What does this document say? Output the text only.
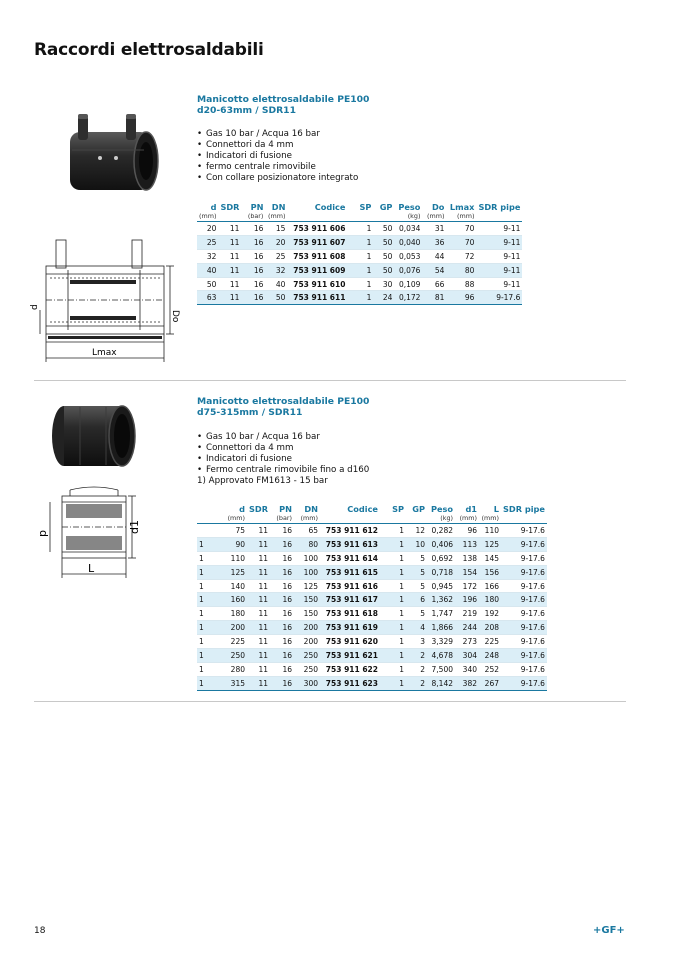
Raccordi elettrosaldabili
Manicotto elettrosaldabile PE100
d20-63mm / SDR11
• Gas 10 bar / Acqua 16 bar
• Connettori da 4 mm
• Indicatori di fusione
• fermo centrale rimovibile
• Con collare posizionatore integrato
d
Do
Lmax
d	SDR	PN	DN	Codice	SP	GP	Peso	Do	Lmax	SDR pipe
(mm)		(bar)	(mm)				(kg)	(mm)	(mm)	
20	11	16	15	753 911 606	1	50	0,034	31	70	9-11
25	11	16	20	753 911 607	1	50	0,040	36	70	9-11
32	11	16	25	753 911 608	1	50	0,053	44	72	9-11
40	11	16	32	753 911 609	1	50	0,076	54	80	9-11
50	11	16	40	753 911 610	1	30	0,109	66	88	9-11
63	11	16	50	753 911 611	1	24	0,172	81	96	9-17.6
Manicotto elettrosaldabile PE100
d75-315mm / SDR11
• Gas 10 bar / Acqua 16 bar
• Connettori da 4 mm
• Indicatori di fusione
• Fermo centrale rimovibile fino a d160
1) Approvato FM1613 - 15 bar
d	d1
L
	d	SDR	PN	DN	Codice	SP	GP	Peso	d1	L	SDR pipe
	(mm)		(bar)	(mm)				(kg)	(mm)	(mm)	
	75	11	16	65	753 911 612	1	12	0,282	96	110	9-17.6
1	90	11	16	80	753 911 613	1	10	0,406	113	125	9-17.6
1	110	11	16	100	753 911 614	1	5	0,692	138	145	9-17.6
1	125	11	16	100	753 911 615	1	5	0,718	154	156	9-17.6
1	140	11	16	125	753 911 616	1	5	0,945	172	166	9-17.6
1	160	11	16	150	753 911 617	1	6	1,362	196	180	9-17.6
1	180	11	16	150	753 911 618	1	5	1,747	219	192	9-17.6
1	200	11	16	200	753 911 619	1	4	1,866	244	208	9-17.6
1	225	11	16	200	753 911 620	1	3	3,329	273	225	9-17.6
1	250	11	16	250	753 911 621	1	2	4,678	304	248	9-17.6
1	280	11	16	250	753 911 622	1	2	7,500	340	252	9-17.6
1	315	11	16	300	753 911 623	1	2	8,142	382	267	9-17.6
18	+GF+
